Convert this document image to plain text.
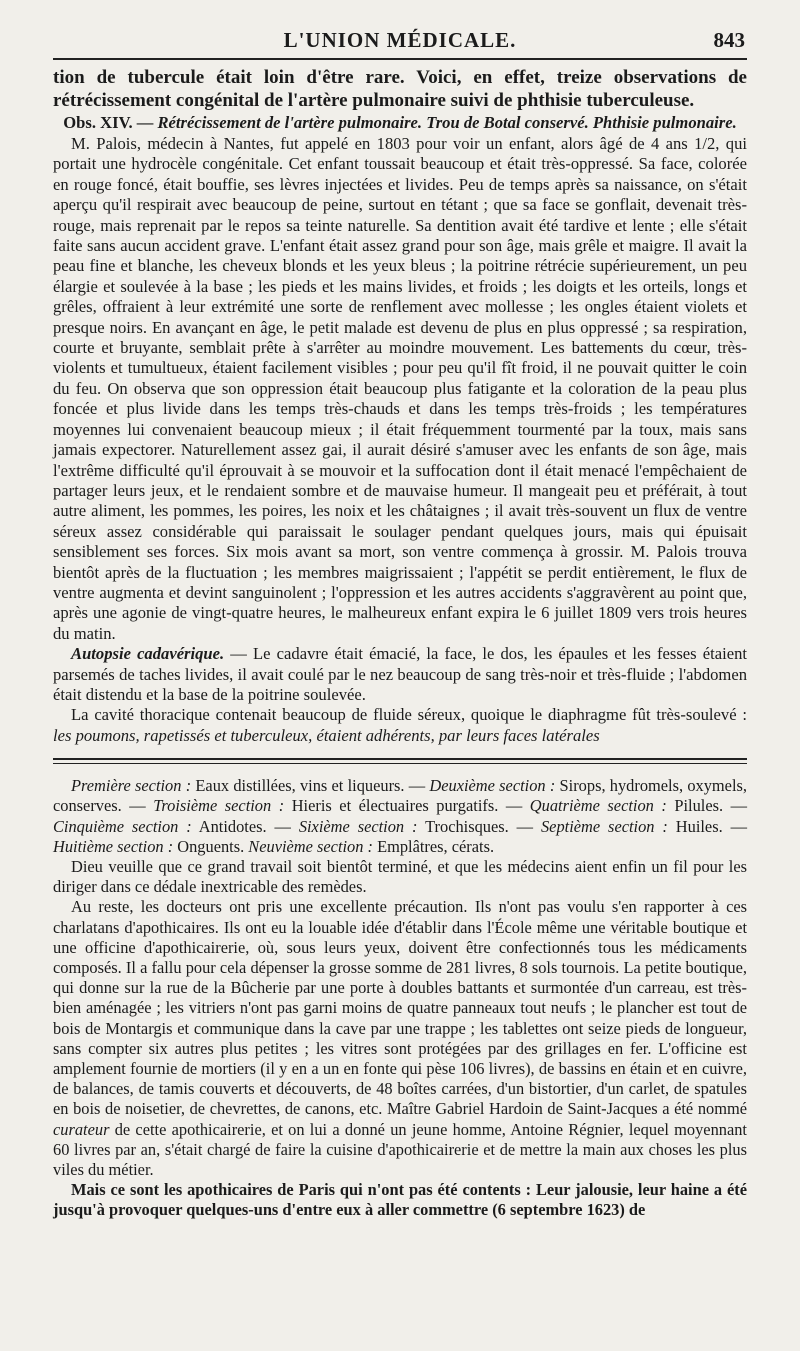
L'UNION MÉDICALE.	843

tion de tubercule était loin d'être rare. Voici, en effet, treize observations de rétrécissement congénital de l'artère pulmonaire suivi de phthisie tuberculeuse.

Obs. XIV. — Rétrécissement de l'artère pulmonaire. Trou de Botal conservé. Phthisie pulmonaire.

M. Palois, médecin à Nantes, fut appelé en 1803 pour voir un enfant, alors âgé de 4 ans 1/2, qui portait une hydrocèle congénitale. Cet enfant toussait beaucoup et était très-oppressé. Sa face, colorée en rouge foncé, était bouffie, ses lèvres injectées et livides. Peu de temps après sa naissance, on s'était aperçu qu'il respirait avec beaucoup de peine, surtout en tétant ; que sa face se gonflait, devenait très-rouge, mais reprenait par le repos sa teinte naturelle. Sa dentition avait été tardive et lente ; elle s'était faite sans aucun accident grave. L'enfant était assez grand pour son âge, mais grêle et maigre. Il avait la peau fine et blanche, les cheveux blonds et les yeux bleus ; la poitrine rétrécie supérieurement, un peu élargie et soulevée à la base ; les pieds et les mains livides, et froids ; les doigts et les orteils, longs et grêles, offraient à leur extrémité une sorte de renflement avec mollesse ; les ongles étaient violets et presque noirs. En avançant en âge, le petit malade est devenu de plus en plus oppressé ; sa respiration, courte et bruyante, semblait prête à s'arrêter au moindre mouvement. Les battements du cœur, très-violents et tumultueux, étaient facilement visibles ; pour peu qu'il fît froid, il ne pouvait quitter le coin du feu. On observa que son oppression était beaucoup plus fatigante et la coloration de la peau plus foncée et plus livide dans les temps très-chauds et dans les temps très-froids ; les températures moyennes lui convenaient beaucoup mieux ; il était fréquemment tourmenté par la toux, mais sans jamais expectorer. Naturellement assez gai, il aurait désiré s'amuser avec les enfants de son âge, mais l'extrême difficulté qu'il éprouvait à se mouvoir et la suffocation dont il était menacé l'empêchaient de partager leurs jeux, et le rendaient sombre et de mauvaise humeur. Il mangeait peu et préférait, à tout autre aliment, les pommes, les poires, les noix et les châtaignes ; il avait très-souvent un flux de ventre séreux assez considérable qui paraissait le soulager pendant quelques jours, mais qui épuisait sensiblement ses forces. Six mois avant sa mort, son ventre commença à grossir. M. Palois trouva bientôt après de la fluctuation ; les membres maigrissaient ; l'appétit se perdit entièrement, le flux de ventre augmenta et devint sanguinolent ; l'oppression et les autres accidents s'aggravèrent au point que, après une agonie de vingt-quatre heures, le malheureux enfant expira le 6 juillet 1809 vers trois heures du matin.

Autopsie cadavérique. — Le cadavre était émacié, la face, le dos, les épaules et les fesses étaient parsemés de taches livides, il avait coulé par le nez beaucoup de sang très-noir et très-fluide ; l'abdomen était distendu et la base de la poitrine soulevée.

La cavité thoracique contenait beaucoup de fluide séreux, quoique le diaphragme fût très-soulevé : les poumons, rapetissés et tuberculeux, étaient adhérents, par leurs faces latérales

Première section : Eaux distillées, vins et liqueurs. — Deuxième section : Sirops, hydromels, oxymels, conserves. — Troisième section : Hieris et électuaires purgatifs. — Quatrième section : Pilules. — Cinquième section : Antidotes. — Sixième section : Trochisques. — Septième section : Huiles. — Huitième section : Onguents. Neuvième section : Emplâtres, cérats.

Dieu veuille que ce grand travail soit bientôt terminé, et que les médecins aient enfin un fil pour les diriger dans ce dédale inextricable des remèdes.

Au reste, les docteurs ont pris une excellente précaution. Ils n'ont pas voulu s'en rapporter à ces charlatans d'apothicaires. Ils ont eu la louable idée d'établir dans l'École même une véritable boutique et une officine d'apothicairerie, où, sous leurs yeux, doivent être confectionnés tous les médicaments composés. Il a fallu pour cela dépenser la grosse somme de 281 livres, 8 sols tournois. La petite boutique, qui donne sur la rue de la Bûcherie par une porte à doubles battants et surmontée d'un carreau, est très-bien aménagée ; les vitriers n'ont pas garni moins de quatre panneaux tout neufs ; le plancher est tout de bois de Montargis et communique dans la cave par une trappe ; les tablettes ont seize pieds de longueur, sans compter six autres plus petites ; les vitres sont protégées par des grillages en fer. L'officine est amplement fournie de mortiers (il y en a un en fonte qui pèse 106 livres), de bassins en étain et en cuivre, de balances, de tamis couverts et découverts, de 48 boîtes carrées, d'un bistortier, d'un carlet, de spatules en bois de noisetier, de chevrettes, de canons, etc. Maître Gabriel Hardoin de Saint-Jacques a été nommé curateur de cette apothicairerie, et on lui a donné un jeune homme, Antoine Régnier, lequel moyennant 60 livres par an, s'était chargé de faire la cuisine d'apothicairerie et de mettre la main aux choses les plus viles du métier.

Mais ce sont les apothicaires de Paris qui n'ont pas été contents : Leur jalousie, leur haine a été jusqu'à provoquer quelques-uns d'entre eux à aller commettre (6 septembre 1623) de
